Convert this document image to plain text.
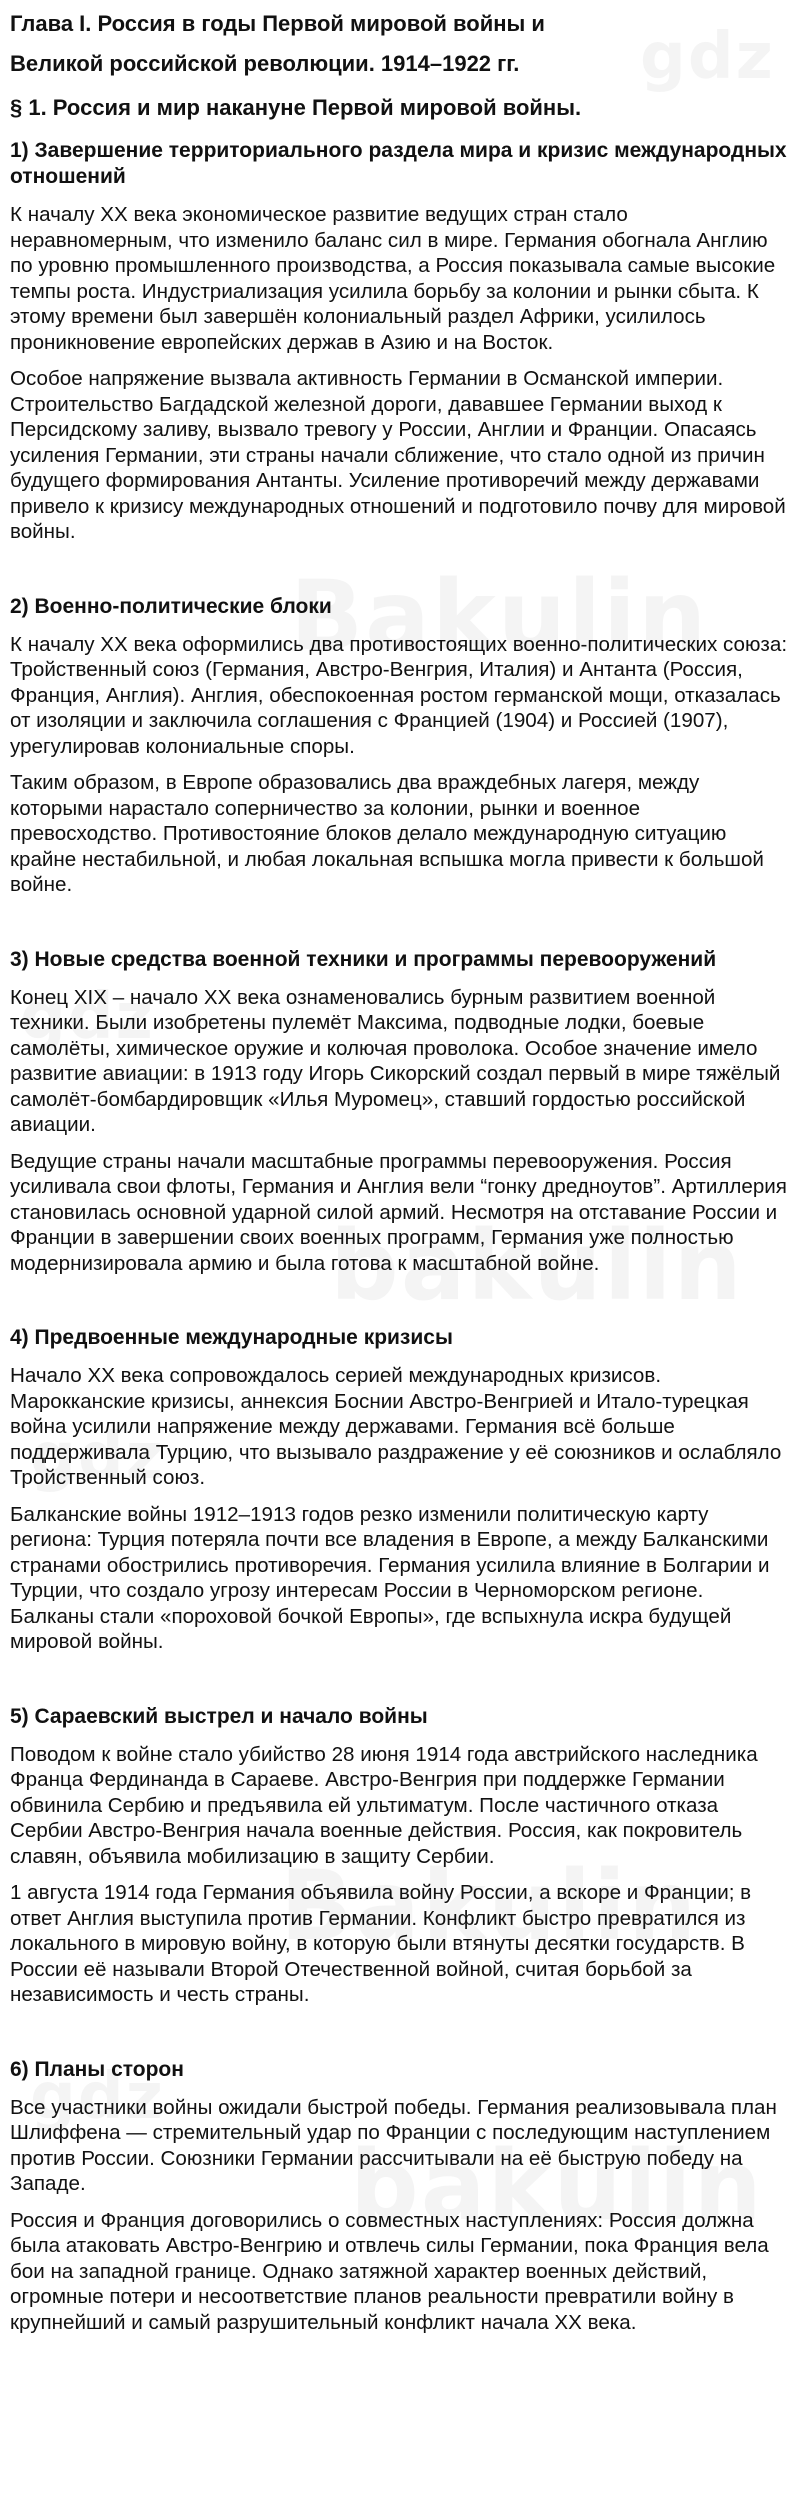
Глава I. Россия в годы Первой мировой войны и
Великой российской революции. 1914–1922 гг.
§ 1. Россия и мир накануне Первой мировой войны.
1) Завершение территориального раздела мира и кризис международных отношений

К началу XX века экономическое развитие ведущих стран стало неравномерным, что изменило баланс сил в мире. Германия обогнала Англию по уровню промышленного производства, а Россия показывала самые высокие темпы роста. Индустриализация усилила борьбу за колонии и рынки сбыта. К этому времени был завершён колониальный раздел Африки, усилилось проникновение европейских держав в Азию и на Восток.

Особое напряжение вызвала активность Германии в Османской империи. Строительство Багдадской железной дороги, дававшее Германии выход к Персидскому заливу, вызвало тревогу у России, Англии и Франции. Опасаясь усиления Германии, эти страны начали сближение, что стало одной из причин будущего формирования Антанты. Усиление противоречий между державами привело к кризису международных отношений и подготовило почву для мировой войны.

2) Военно-политические блоки

К началу XX века оформились два противостоящих военно-политических союза: Тройственный союз (Германия, Австро-Венгрия, Италия) и Антанта (Россия, Франция, Англия). Англия, обеспокоенная ростом германской мощи, отказалась от изоляции и заключила соглашения с Францией (1904) и Россией (1907), урегулировав колониальные споры.

Таким образом, в Европе образовались два враждебных лагеря, между которыми нарастало соперничество за колонии, рынки и военное превосходство. Противостояние блоков делало международную ситуацию крайне нестабильной, и любая локальная вспышка могла привести к большой войне.

3) Новые средства военной техники и программы перевооружений

Конец XIX – начало XX века ознаменовались бурным развитием военной техники. Были изобретены пулемёт Максима, подводные лодки, боевые самолёты, химическое оружие и колючая проволока. Особое значение имело развитие авиации: в 1913 году Игорь Сикорский создал первый в мире тяжёлый самолёт-бомбардировщик «Илья Муромец», ставший гордостью российской авиации.

Ведущие страны начали масштабные программы перевооружения. Россия усиливала свои флоты, Германия и Англия вели “гонку дредноутов”. Артиллерия становилась основной ударной силой армий. Несмотря на отставание России и Франции в завершении своих военных программ, Германия уже полностью модернизировала армию и была готова к масштабной войне.

4) Предвоенные международные кризисы

Начало XX века сопровождалось серией международных кризисов. Марокканские кризисы, аннексия Боснии Австро-Венгрией и Итало-турецкая война усилили напряжение между державами. Германия всё больше поддерживала Турцию, что вызывало раздражение у её союзников и ослабляло Тройственный союз.

Балканские войны 1912–1913 годов резко изменили политическую карту региона: Турция потеряла почти все владения в Европе, а между Балканскими странами обострились противоречия. Германия усилила влияние в Болгарии и Турции, что создало угрозу интересам России в Черноморском регионе. Балканы стали «пороховой бочкой Европы», где вспыхнула искра будущей мировой войны.

5) Сараевский выстрел и начало войны

Поводом к войне стало убийство 28 июня 1914 года австрийского наследника Франца Фердинанда в Сараеве. Австро-Венгрия при поддержке Германии обвинила Сербию и предъявила ей ультиматум. После частичного отказа Сербии Австро-Венгрия начала военные действия. Россия, как покровитель славян, объявила мобилизацию в защиту Сербии.

1 августа 1914 года Германия объявила войну России, а вскоре и Франции; в ответ Англия выступила против Германии. Конфликт быстро превратился из локального в мировую войну, в которую были втянуты десятки государств. В России её называли Второй Отечественной войной, считая борьбой за независимость и честь страны.

6) Планы сторон

Все участники войны ожидали быстрой победы. Германия реализовывала план Шлиффена — стремительный удар по Франции с последующим наступлением против России. Союзники Германии рассчитывали на её быструю победу на Западе.

Россия и Франция договорились о совместных наступлениях: Россия должна была атаковать Австро-Венгрию и отвлечь силы Германии, пока Франция вела бои на западной границе. Однако затяжной характер военных действий, огромные потери и несоответствие планов реальности превратили войну в крупнейший и самый разрушительный конфликт начала XX века.
